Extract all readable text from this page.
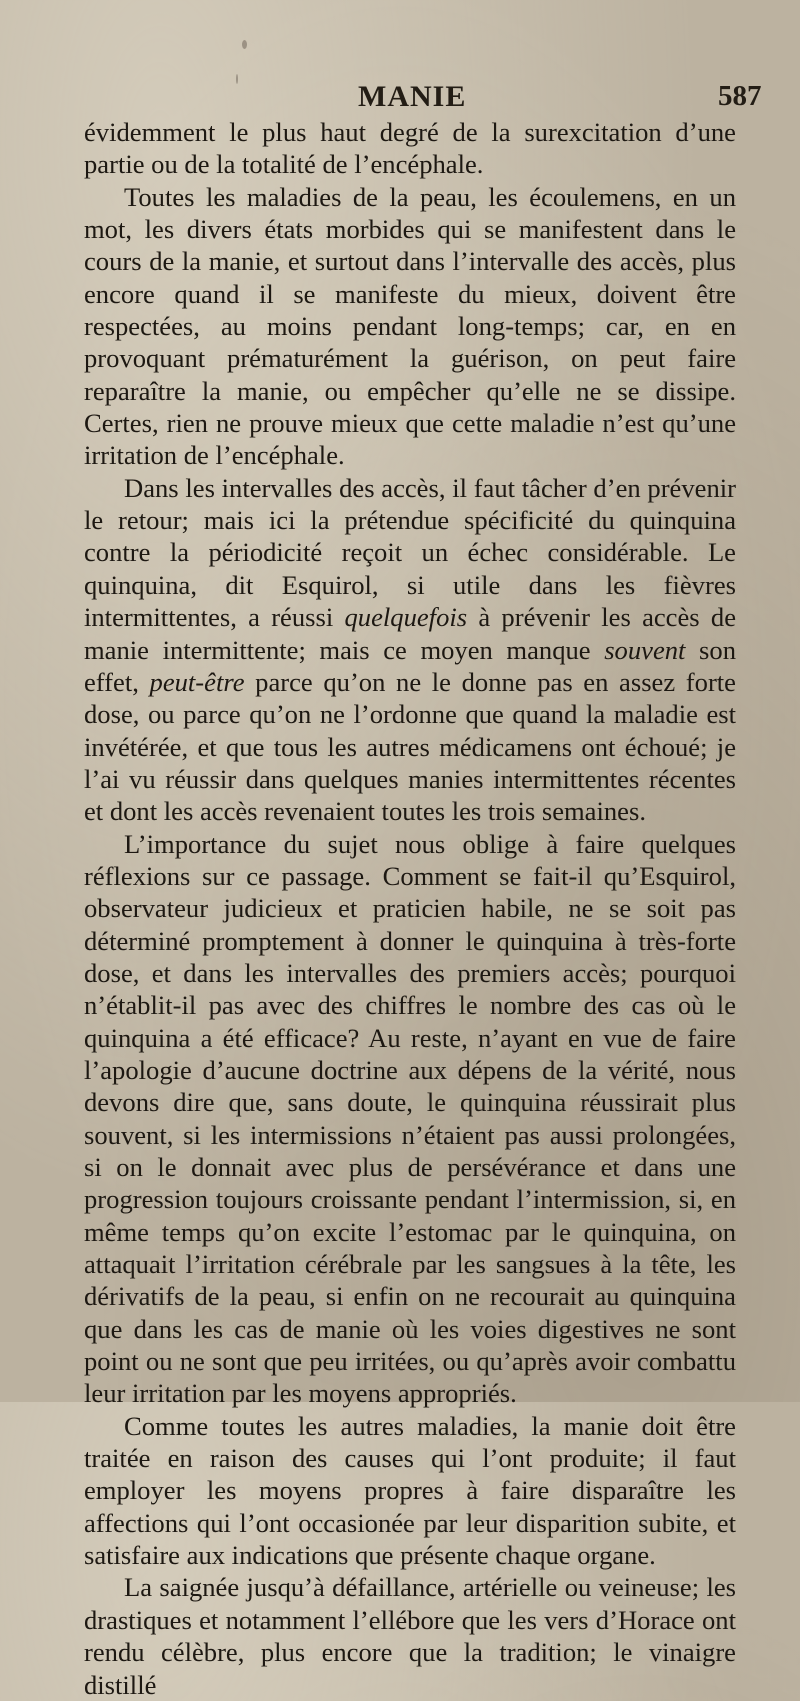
MANIE	587

évidemment le plus haut degré de la surexcitation d’une partie ou de la totalité de l’encéphale.

Toutes les maladies de la peau, les écoulemens, en un mot, les divers états morbides qui se manifestent dans le cours de la manie, et surtout dans l’intervalle des accès, plus encore quand il se manifeste du mieux, doivent être respectées, au moins pendant long-temps; car, en en provoquant prématurément la guérison, on peut faire reparaître la manie, ou empêcher qu’elle ne se dissipe. Certes, rien ne prouve mieux que cette maladie n’est qu’une irritation de l’encéphale.

Dans les intervalles des accès, il faut tâcher d’en prévenir le retour; mais ici la prétendue spécificité du quinquina contre la périodicité reçoit un échec considérable. Le quinquina, dit Esquirol, si utile dans les fièvres intermittentes, a réussi quelquefois à prévenir les accès de manie intermittente; mais ce moyen manque souvent son effet, peut-être parce qu’on ne le donne pas en assez forte dose, ou parce qu’on ne l’ordonne que quand la maladie est invétérée, et que tous les autres médicamens ont échoué; je l’ai vu réussir dans quelques manies intermittentes récentes et dont les accès revenaient toutes les trois semaines.

L’importance du sujet nous oblige à faire quelques réflexions sur ce passage. Comment se fait-il qu’Esquirol, observateur judicieux et praticien habile, ne se soit pas déterminé promptement à donner le quinquina à très-forte dose, et dans les intervalles des premiers accès; pourquoi n’établit-il pas avec des chiffres le nombre des cas où le quinquina a été efficace? Au reste, n’ayant en vue de faire l’apologie d’aucune doctrine aux dépens de la vérité, nous devons dire que, sans doute, le quinquina réussirait plus souvent, si les intermissions n’étaient pas aussi prolongées, si on le donnait avec plus de persévérance et dans une progression toujours croissante pendant l’intermission, si, en même temps qu’on excite l’estomac par le quinquina, on attaquait l’irritation cérébrale par les sangsues à la tête, les dérivatifs de la peau, si enfin on ne recourait au quinquina que dans les cas de manie où les voies digestives ne sont point ou ne sont que peu irritées, ou qu’après avoir combattu leur irritation par les moyens appropriés.

Comme toutes les autres maladies, la manie doit être traitée en raison des causes qui l’ont produite; il faut employer les moyens propres à faire disparaître les affections qui l’ont occasionée par leur disparition subite, et satisfaire aux indications que présente chaque organe.

La saignée jusqu’à défaillance, artérielle ou veineuse; les drastiques et notamment l’ellébore que les vers d’Horace ont rendu célèbre, plus encore que la tradition; le vinaigre distillé
